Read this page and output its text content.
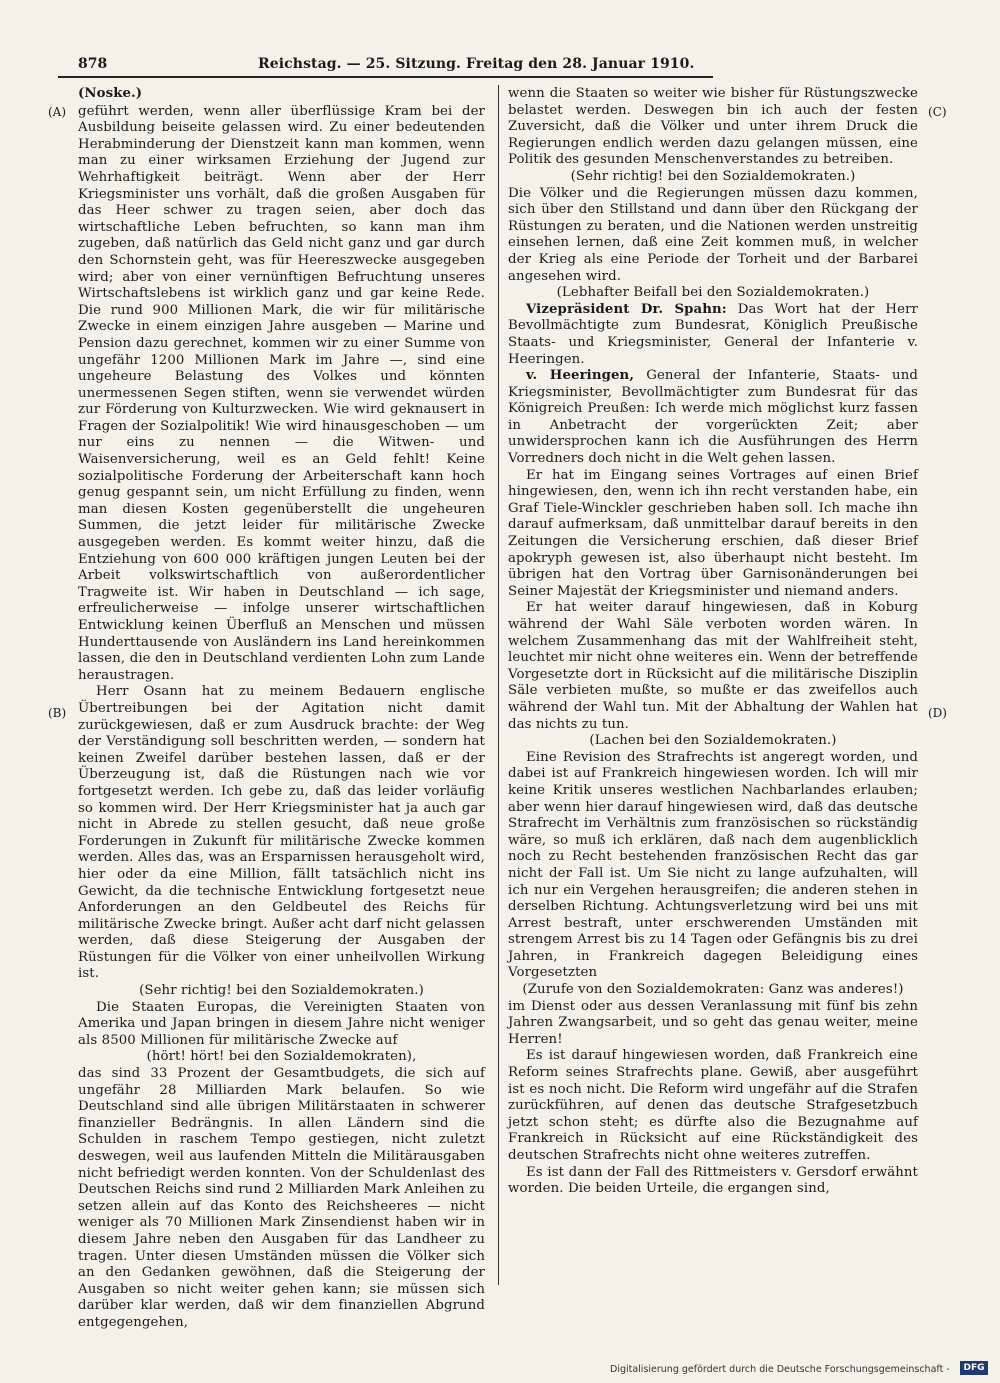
878	Reichstag. — 25. Sitzung. Freitag den 28. Januar 1910.
(A)
(B)
(C)
(D)

(Noske.)

geführt werden, wenn aller überflüssige Kram bei der Ausbildung beiseite gelassen wird. Zu einer bedeutenden Herabminderung der Dienstzeit kann man kommen, wenn man zu einer wirksamen Erziehung der Jugend zur Wehrhaftigkeit beiträgt. Wenn aber der Herr Kriegsminister uns vorhält, daß die großen Ausgaben für das Heer schwer zu tragen seien, aber doch das wirtschaftliche Leben befruchten, so kann man ihm zugeben, daß natürlich das Geld nicht ganz und gar durch den Schornstein geht, was für Heereszwecke ausgegeben wird; aber von einer vernünftigen Befruchtung unseres Wirtschaftslebens ist wirklich ganz und gar keine Rede. Die rund 900 Millionen Mark, die wir für militärische Zwecke in einem einzigen Jahre ausgeben — Marine und Pension dazu gerechnet, kommen wir zu einer Summe von ungefähr 1200 Millionen Mark im Jahre —, sind eine ungeheure Belastung des Volkes und könnten unermessenen Segen stiften, wenn sie verwendet würden zur Förderung von Kulturzwecken. Wie wird geknausert in Fragen der Sozialpolitik! Wie wird hinausgeschoben — um nur eins zu nennen — die Witwen- und Waisenversicherung, weil es an Geld fehlt! Keine sozialpolitische Forderung der Arbeiterschaft kann hoch genug gespannt sein, um nicht Erfüllung zu finden, wenn man diesen Kosten gegenüberstellt die ungeheuren Summen, die jetzt leider für militärische Zwecke ausgegeben werden. Es kommt weiter hinzu, daß die Entziehung von 600 000 kräftigen jungen Leuten bei der Arbeit volkswirtschaftlich von außerordentlicher Tragweite ist. Wir haben in Deutschland — ich sage, erfreulicherweise — infolge unserer wirtschaftlichen Entwicklung keinen Überfluß an Menschen und müssen Hunderttausende von Ausländern ins Land hereinkommen lassen, die den in Deutschland verdienten Lohn zum Lande heraustragen.

Herr Osann hat zu meinem Bedauern englische Übertreibungen bei der Agitation nicht damit zurückgewiesen, daß er zum Ausdruck brachte: der Weg der Verständigung soll beschritten werden, — sondern hat keinen Zweifel darüber bestehen lassen, daß er der Überzeugung ist, daß die Rüstungen nach wie vor fortgesetzt werden. Ich gebe zu, daß das leider vorläufig so kommen wird. Der Herr Kriegsminister hat ja auch gar nicht in Abrede zu stellen gesucht, daß neue große Forderungen in Zukunft für militärische Zwecke kommen werden. Alles das, was an Ersparnissen herausgeholt wird, hier oder da eine Million, fällt tatsächlich nicht ins Gewicht, da die technische Entwicklung fortgesetzt neue Anforderungen an den Geldbeutel des Reichs für militärische Zwecke bringt. Außer acht darf nicht gelassen werden, daß diese Steigerung der Ausgaben der Rüstungen für die Völker von einer unheilvollen Wirkung ist.

(Sehr richtig! bei den Sozialdemokraten.)

Die Staaten Europas, die Vereinigten Staaten von Amerika und Japan bringen in diesem Jahre nicht weniger als 8500 Millionen für militärische Zwecke auf

(hört! hört! bei den Sozialdemokraten),

das sind 33 Prozent der Gesamtbudgets, die sich auf ungefähr 28 Milliarden Mark belaufen. So wie Deutschland sind alle übrigen Militärstaaten in schwerer finanzieller Bedrängnis. In allen Ländern sind die Schulden in raschem Tempo gestiegen, nicht zuletzt deswegen, weil aus laufenden Mitteln die Militärausgaben nicht befriedigt werden konnten. Von der Schuldenlast des Deutschen Reichs sind rund 2 Milliarden Mark Anleihen zu setzen allein auf das Konto des Reichsheeres — nicht weniger als 70 Millionen Mark Zinsendienst haben wir in diesem Jahre neben den Ausgaben für das Landheer zu tragen. Unter diesen Umständen müssen die Völker sich an den Gedanken gewöhnen, daß die Steigerung der Ausgaben so nicht weiter gehen kann; sie müssen sich darüber klar werden, daß wir dem finanziellen Abgrund entgegengehen,

wenn die Staaten so weiter wie bisher für Rüstungszwecke belastet werden. Deswegen bin ich auch der festen Zuversicht, daß die Völker und unter ihrem Druck die Regierungen endlich werden dazu gelangen müssen, eine Politik des gesunden Menschenverstandes zu betreiben.

(Sehr richtig! bei den Sozialdemokraten.)

Die Völker und die Regierungen müssen dazu kommen, sich über den Stillstand und dann über den Rückgang der Rüstungen zu beraten, und die Nationen werden unstreitig einsehen lernen, daß eine Zeit kommen muß, in welcher der Krieg als eine Periode der Torheit und der Barbarei angesehen wird.

(Lebhafter Beifall bei den Sozialdemokraten.)

Vizepräsident Dr. Spahn: Das Wort hat der Herr Bevollmächtigte zum Bundesrat, Königlich Preußische Staats- und Kriegsminister, General der Infanterie v. Heeringen.

v. Heeringen, General der Infanterie, Staats- und Kriegsminister, Bevollmächtigter zum Bundesrat für das Königreich Preußen: Ich werde mich möglichst kurz fassen in Anbetracht der vorgerückten Zeit; aber unwidersprochen kann ich die Ausführungen des Herrn Vorredners doch nicht in die Welt gehen lassen.

Er hat im Eingang seines Vortrages auf einen Brief hingewiesen, den, wenn ich ihn recht verstanden habe, ein Graf Tiele-Winckler geschrieben haben soll. Ich mache ihn darauf aufmerksam, daß unmittelbar darauf bereits in den Zeitungen die Versicherung erschien, daß dieser Brief apokryph gewesen ist, also überhaupt nicht besteht. Im übrigen hat den Vortrag über Garnisonänderungen bei Seiner Majestät der Kriegsminister und niemand anders.

Er hat weiter darauf hingewiesen, daß in Koburg während der Wahl Säle verboten worden wären. In welchem Zusammenhang das mit der Wahlfreiheit steht, leuchtet mir nicht ohne weiteres ein. Wenn der betreffende Vorgesetzte dort in Rücksicht auf die militärische Disziplin Säle verbieten mußte, so mußte er das zweifellos auch während der Wahl tun. Mit der Abhaltung der Wahlen hat das nichts zu tun.

(Lachen bei den Sozialdemokraten.)

Eine Revision des Strafrechts ist angeregt worden, und dabei ist auf Frankreich hingewiesen worden. Ich will mir keine Kritik unseres westlichen Nachbarlandes erlauben; aber wenn hier darauf hingewiesen wird, daß das deutsche Strafrecht im Verhältnis zum französischen so rückständig wäre, so muß ich erklären, daß nach dem augenblicklich noch zu Recht bestehenden französischen Recht das gar nicht der Fall ist. Um Sie nicht zu lange aufzuhalten, will ich nur ein Vergehen herausgreifen; die anderen stehen in derselben Richtung. Achtungsverletzung wird bei uns mit Arrest bestraft, unter erschwerenden Umständen mit strengem Arrest bis zu 14 Tagen oder Gefängnis bis zu drei Jahren, in Frankreich dagegen Beleidigung eines Vorgesetzten

(Zurufe von den Sozialdemokraten: Ganz was anderes!)

im Dienst oder aus dessen Veranlassung mit fünf bis zehn Jahren Zwangsarbeit, und so geht das genau weiter, meine Herren!

Es ist darauf hingewiesen worden, daß Frankreich eine Reform seines Strafrechts plane. Gewiß, aber ausgeführt ist es noch nicht. Die Reform wird ungefähr auf die Strafen zurückführen, auf denen das deutsche Strafgesetzbuch jetzt schon steht; es dürfte also die Bezugnahme auf Frankreich in Rücksicht auf eine Rückständigkeit des deutschen Strafrechts nicht ohne weiteres zutreffen.

Es ist dann der Fall des Rittmeisters v. Gersdorf erwähnt worden. Die beiden Urteile, die ergangen sind,

Digitalisierung gefördert durch die Deutsche Forschungsgemeinschaft -	DFG
